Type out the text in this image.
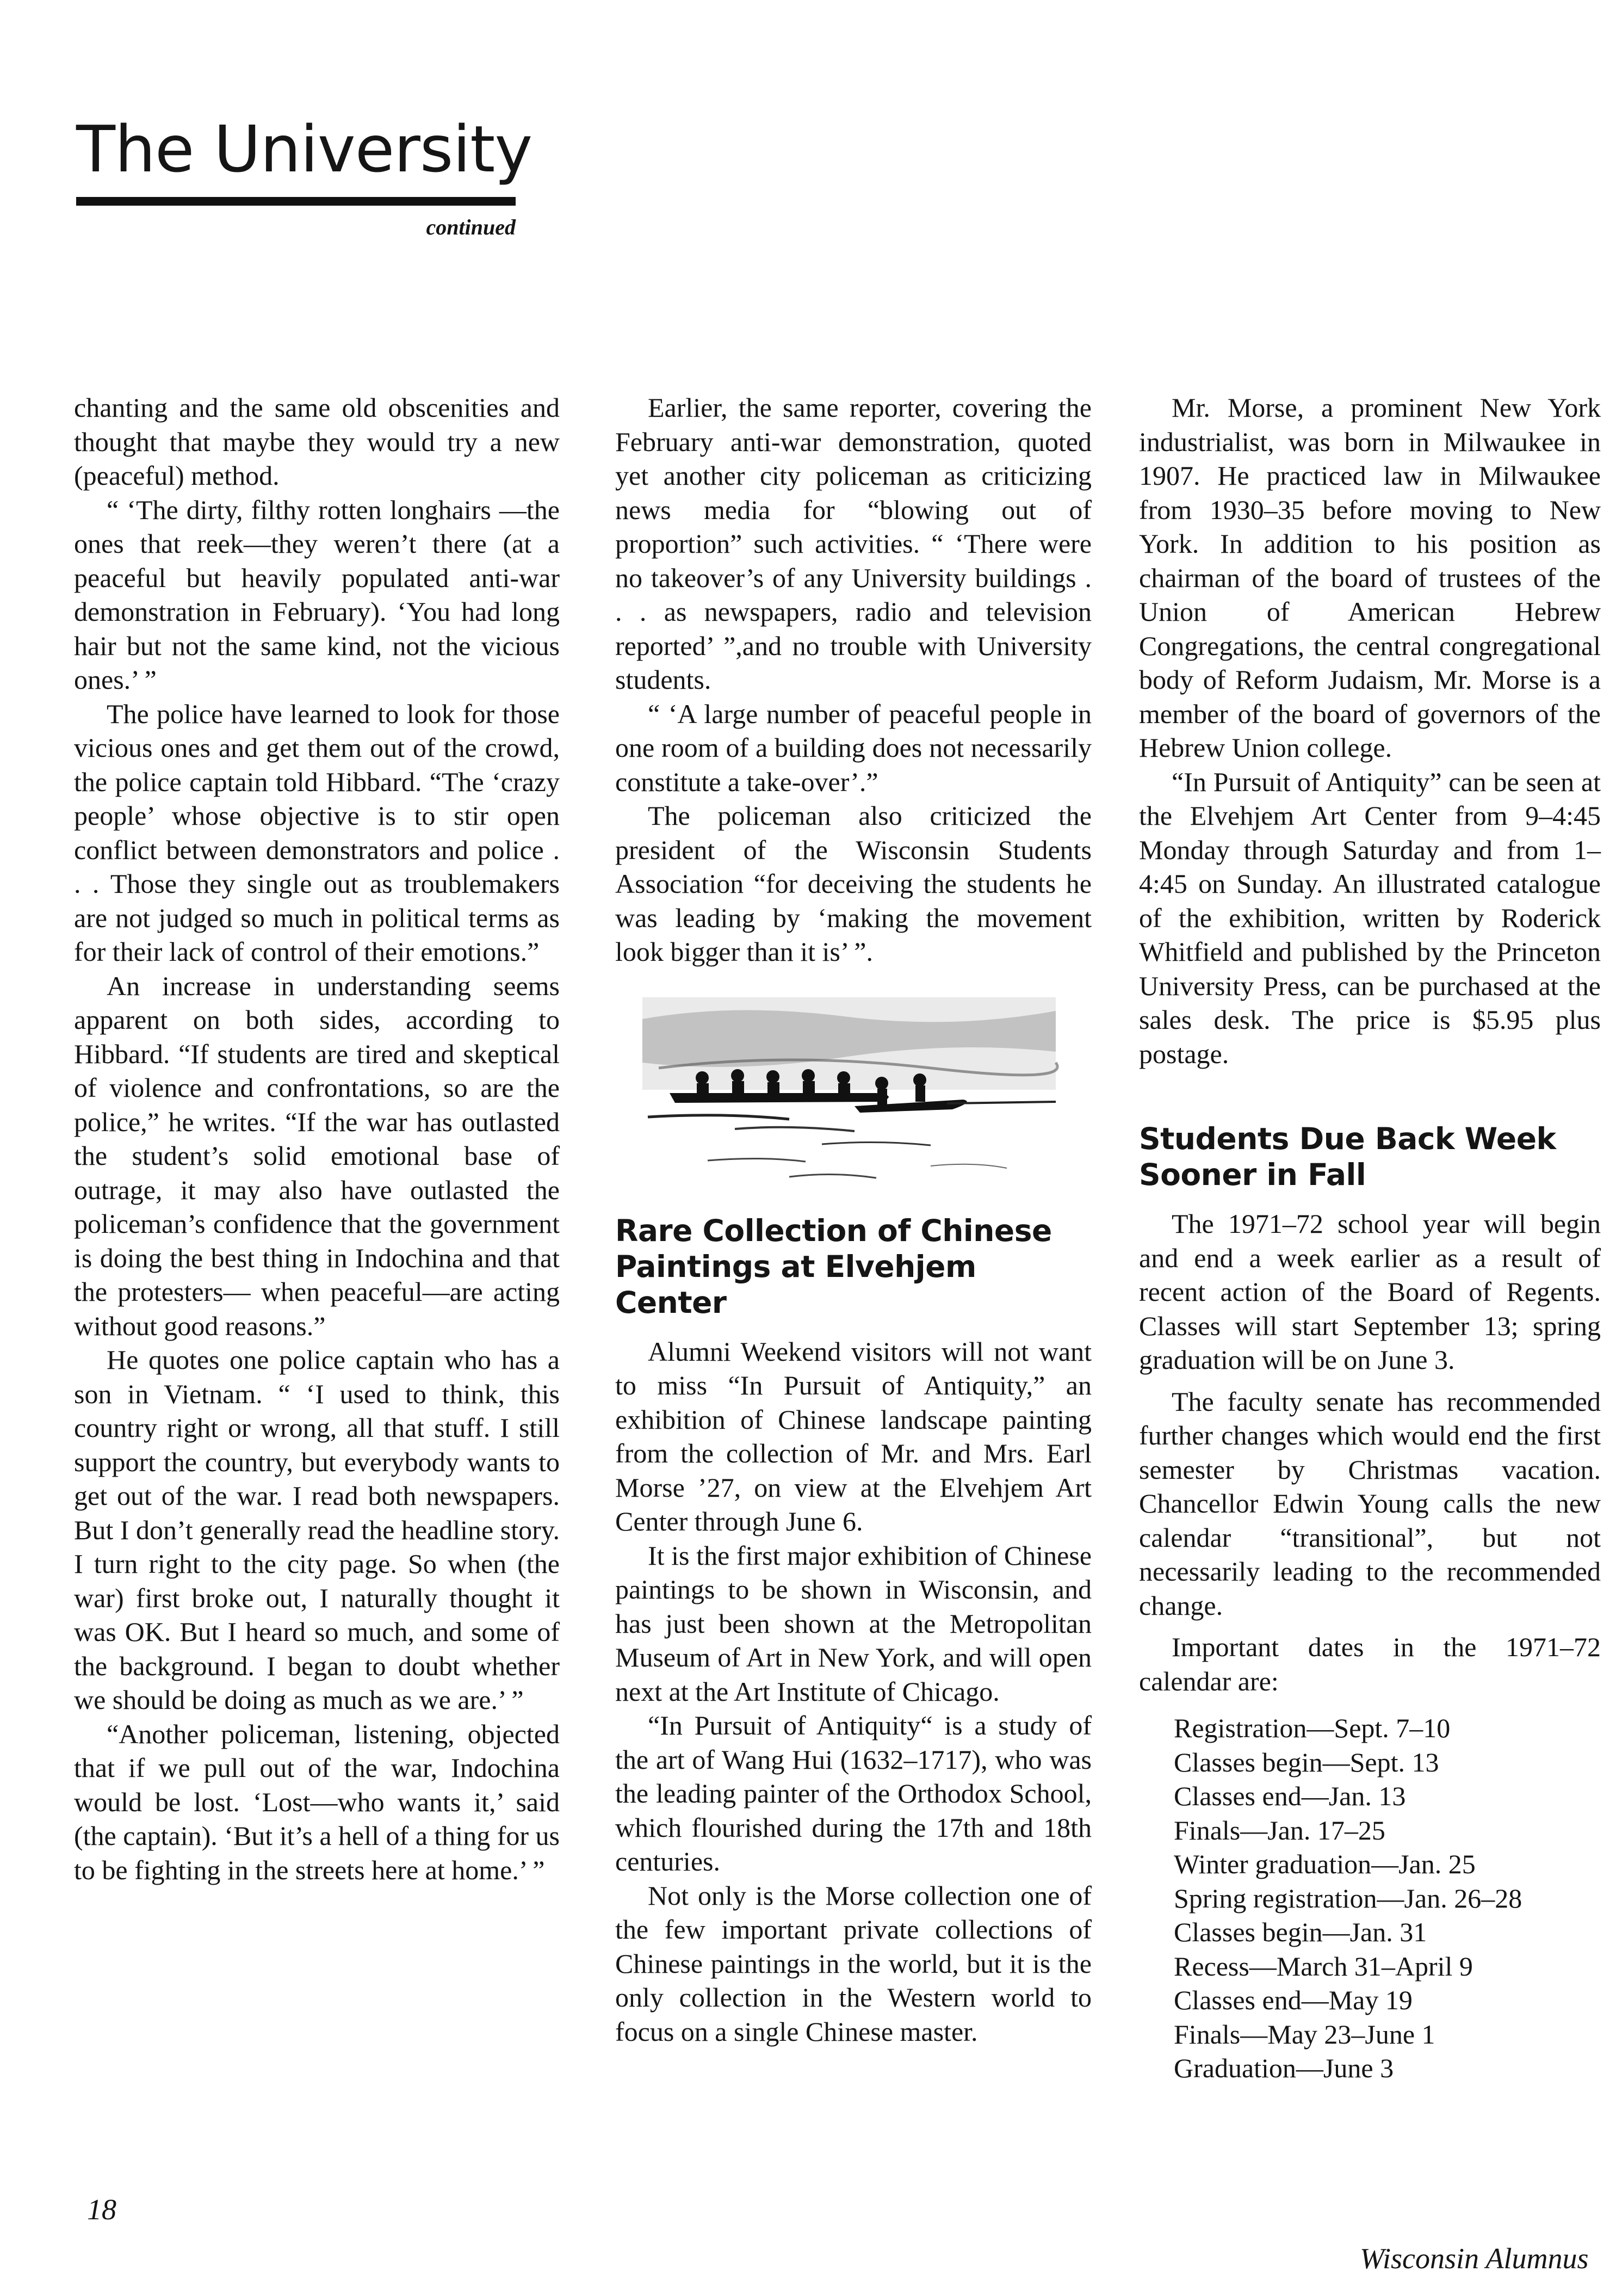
The University
continued

chanting and the same old obscenities and thought that maybe they would try a new (peaceful) method.

“ ‘The dirty, filthy rotten longhairs —the ones that reek—they weren’t there (at a peaceful but heavily populated anti-war demonstration in February). ‘You had long hair but not the same kind, not the vicious ones.’ ”

The police have learned to look for those vicious ones and get them out of the crowd, the police captain told Hibbard. “The ‘crazy people’ whose objective is to stir open conflict between demonstrators and police . . . Those they single out as troublemakers are not judged so much in political terms as for their lack of control of their emotions.”

An increase in understanding seems apparent on both sides, according to Hibbard. “If students are tired and skeptical of violence and confrontations, so are the police,” he writes. “If the war has outlasted the student’s solid emotional base of outrage, it may also have outlasted the policeman’s confidence that the government is doing the best thing in Indochina and that the protesters— when peaceful—are acting without good reasons.”

He quotes one police captain who has a son in Vietnam. “ ‘I used to think, this country right or wrong, all that stuff. I still support the country, but everybody wants to get out of the war. I read both newspapers. But I don’t generally read the headline story. I turn right to the city page. So when (the war) first broke out, I naturally thought it was OK. But I heard so much, and some of the background. I began to doubt whether we should be doing as much as we are.’ ”

“Another policeman, listening, objected that if we pull out of the war, Indochina would be lost. ‘Lost—who wants it,’ said (the captain). ‘But it’s a hell of a thing for us to be fighting in the streets here at home.’ ”

Earlier, the same reporter, covering the February anti-war demonstration, quoted yet another city policeman as criticizing news media for “blowing out of proportion” such activities. “ ‘There were no takeover’s of any University buildings . . . as newspapers, radio and television reported’ ”,and no trouble with University students.

“ ‘A large number of peaceful people in one room of a building does not necessarily constitute a take-over’.”

The policeman also criticized the president of the Wisconsin Students Association “for deceiving the students he was leading by ‘making the movement look bigger than it is’ ”.

Rare Collection of Chinese Paintings at Elvehjem Center

Alumni Weekend visitors will not want to miss “In Pursuit of Antiquity,” an exhibition of Chinese landscape painting from the collection of Mr. and Mrs. Earl Morse ’27, on view at the Elvehjem Art Center through June 6.

It is the first major exhibition of Chinese paintings to be shown in Wisconsin, and has just been shown at the Metropolitan Museum of Art in New York, and will open next at the Art Institute of Chicago.

“In Pursuit of Antiquity“ is a study of the art of Wang Hui (1632–1717), who was the leading painter of the Orthodox School, which flourished during the 17th and 18th centuries.

Not only is the Morse collection one of the few important private collections of Chinese paintings in the world, but it is the only collection in the Western world to focus on a single Chinese master.

Mr. Morse, a prominent New York industrialist, was born in Milwaukee in 1907. He practiced law in Milwaukee from 1930–35 before moving to New York. In addition to his position as chairman of the board of trustees of the Union of American Hebrew Congregations, the central congregational body of Reform Judaism, Mr. Morse is a member of the board of governors of the Hebrew Union college.

“In Pursuit of Antiquity” can be seen at the Elvehjem Art Center from 9–4:45 Monday through Saturday and from 1–4:45 on Sunday. An illustrated catalogue of the exhibition, written by Roderick Whitfield and published by the Princeton University Press, can be purchased at the sales desk. The price is $5.95 plus postage.

Students Due Back Week Sooner in Fall

The 1971–72 school year will begin and end a week earlier as a result of recent action of the Board of Regents. Classes will start September 13; spring graduation will be on June 3.

The faculty senate has recommended further changes which would end the first semester by Christmas vacation. Chancellor Edwin Young calls the new calendar “transitional”, but not necessarily leading to the recommended change.

Important dates in the 1971–72 calendar are:

Registration—Sept. 7–10
Classes begin—Sept. 13
Classes end—Jan. 13
Finals—Jan. 17–25
Winter graduation—Jan. 25
Spring registration—Jan. 26–28
Classes begin—Jan. 31
Recess—March 31–April 9
Classes end—May 19
Finals—May 23–June 1
Graduation—June 3
18
Wisconsin Alumnus
